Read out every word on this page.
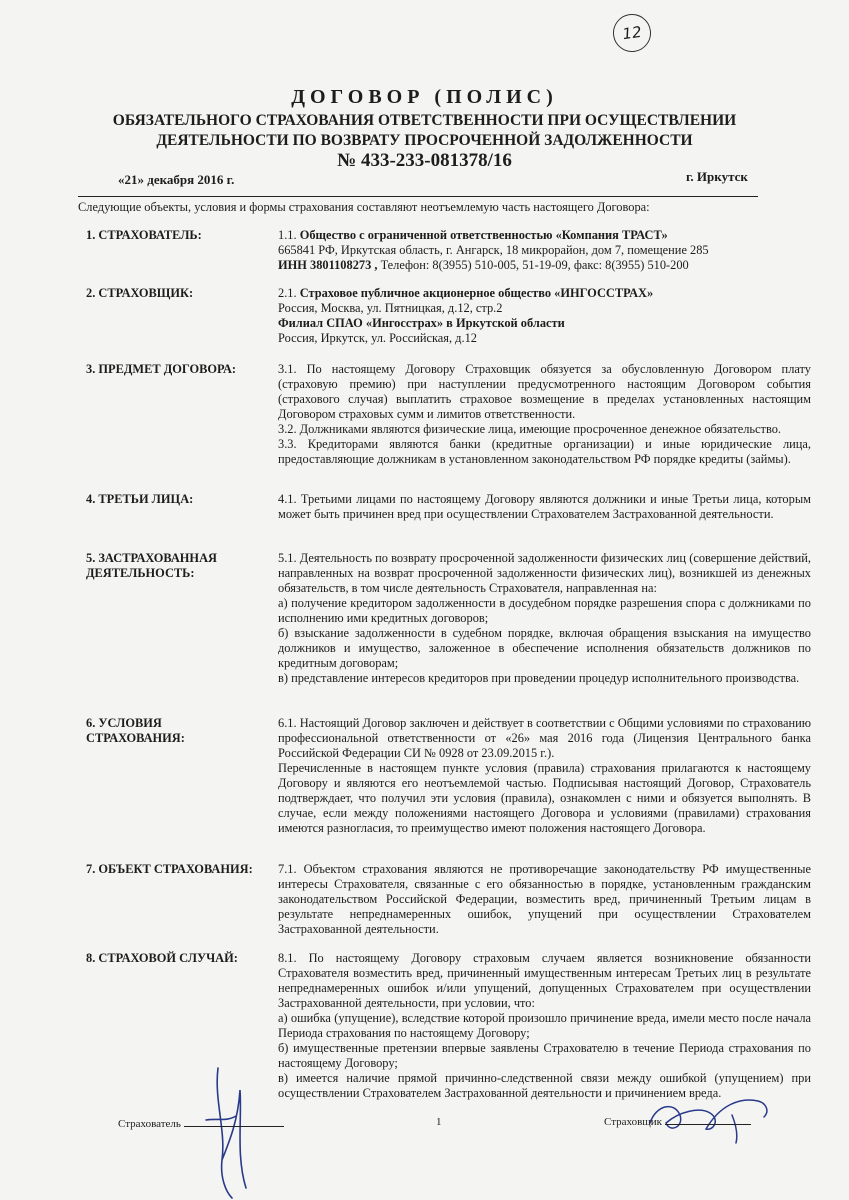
12
ДОГОВОР (ПОЛИС)
ОБЯЗАТЕЛЬНОГО СТРАХОВАНИЯ ОТВЕТСТВЕННОСТИ ПРИ ОСУЩЕСТВЛЕНИИ
ДЕЯТЕЛЬНОСТИ ПО ВОЗВРАТУ ПРОСРОЧЕННОЙ ЗАДОЛЖЕННОСТИ
№ 433-233-081378/16
«21» декабря 2016 г.	г. Иркутск
Следующие объекты, условия и формы страхования составляют неотъемлемую часть настоящего Договора:
1. СТРАХОВАТЕЛЬ:	1.1. Общество с ограниченной ответственностью «Компания ТРАСТ»

665841 РФ, Иркутская область, г. Ангарск, 18 микрорайон, дом 7, помещение 285

ИНН 3801108273 , Телефон: 8(3955) 510-005, 51-19-09, факс: 8(3955) 510-200

2. СТРАХОВЩИК:	2.1. Страховое публичное акционерное общество «ИНГОССТРАХ»

Россия, Москва, ул. Пятницкая, д.12, стр.2

Филиал СПАО «Ингосстрах» в Иркутской области

Россия, Иркутск, ул. Российская, д.12

3. ПРЕДМЕТ ДОГОВОРА:	3.1. По настоящему Договору Страховщик обязуется за обусловленную Договором плату (страховую премию) при наступлении предусмотренного настоящим Договором события (страхового случая) выплатить страховое возмещение в пределах установленных настоящим Договором страховых сумм и лимитов ответственности.

3.2. Должниками являются физические лица, имеющие просроченное денежное обязательство.

3.3. Кредиторами являются банки (кредитные организации) и иные юридические лица, предоставляющие должникам в установленном законодательством РФ порядке кредиты (займы).

4. ТРЕТЬИ ЛИЦА:	4.1. Третьими лицами по настоящему Договору являются должники и иные Третьи лица, которым может быть причинен вред при осуществлении Страхователем Застрахованной деятельности.

5. ЗАСТРАХОВАННАЯ
ДЕЯТЕЛЬНОСТЬ:

5.1. Деятельность по возврату просроченной задолженности физических лиц (совершение действий, направленных на возврат просроченной задолженности физических лиц), возникшей из денежных обязательств, в том числе деятельность Страхователя, направленная на:

а) получение кредитором задолженности в досудебном порядке разрешения спора с должниками по исполнению ими кредитных договоров;

б) взыскание задолженности в судебном порядке, включая обращения взыскания на имущество должников и имущество, заложенное в обеспечение исполнения обязательств должников по кредитным договорам;

в) представление интересов кредиторов при проведении процедур исполнительного производства.

6. УСЛОВИЯ
СТРАХОВАНИЯ:

6.1. Настоящий Договор заключен и действует в соответствии с Общими условиями по страхованию профессиональной ответственности от «26» мая 2016 года (Лицензия Центрального банка Российской Федерации СИ № 0928 от 23.09.2015 г.).

Перечисленные в настоящем пункте условия (правила) страхования прилагаются к настоящему Договору и являются его неотъемлемой частью. Подписывая настоящий Договор, Страхователь подтверждает, что получил эти условия (правила), ознакомлен с ними и обязуется выполнять. В случае, если между положениями настоящего Договора и условиями (правилами) страхования имеются разногласия, то преимущество имеют положения настоящего Договора.

7. ОБЪЕКТ СТРАХОВАНИЯ: 7.1. Объектом страхования являются не противоречащие законодательству РФ имущественные интересы Страхователя, связанные с его обязанностью в порядке, установленным гражданским законодательством Российской Федерации, возместить вред, причиненный Третьим лицам в результате непреднамеренных ошибок, упущений при осуществлении Страхователем Застрахованной деятельности.

8. СТРАХОВОЙ СЛУЧАЙ:	8.1. По настоящему Договору страховым случаем является возникновение обязанности Страхователя возместить вред, причиненный имущественным интересам Третьих лиц в результате непреднамеренных ошибок и/или упущений, допущенных Страхователем при осуществлении Застрахованной деятельности, при условии, что:

а) ошибка (упущение), вследствие которой произошло причинение вреда, имели место после начала Периода страхования по настоящему Договору;

б) имущественные претензии впервые заявлены Страхователю в течение Периода страхования по настоящему Договору;

в) имеется наличие прямой причинно-следственной связи между ошибкой (упущением) при осуществлении Страхователем Застрахованной деятельности и причинением вреда.

Страхователь	1	Страховщик
